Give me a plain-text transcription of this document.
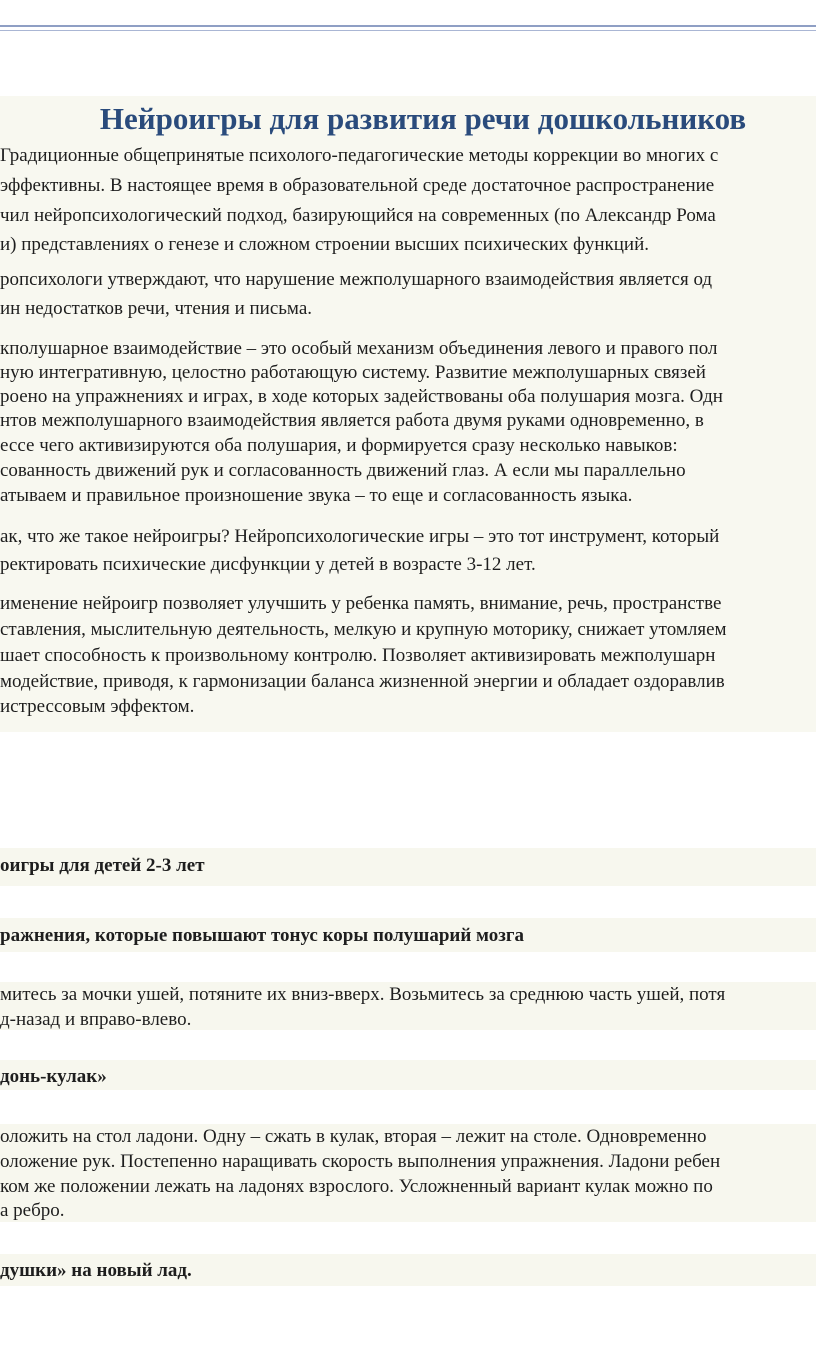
Нейроигры для развития речи дошкольников
Градиционные общепринятые психолого-педагогические методы коррекции во многих с
эффективны. В настоящее время в образовательной среде достаточное распространение
чил нейропсихологический подход, базирующийся на современных (по Александр Рома
и) представлениях о генезе и сложном строении высших психических функций.
ропсихологи утверждают, что нарушение межполушарного взаимодействия является од
ин недостатков речи, чтения и письма.
кполушарное взаимодействие – это особый механизм объединения левого и правого пол
ную интегративную, целостно работающую систему. Развитие межполушарных связей
роено на упражнениях и играх, в ходе которых задействованы оба полушария мозга. Одн
нтов межполушарного взаимодействия является работа двумя руками одновременно, в
ессе чего активизируются оба полушария, и формируется сразу несколько навыков:
сованность движений рук и согласованность движений глаз. А если мы параллельно
атываем и правильное произношение звука – то еще и согласованность языка.
ак, что же такое нейроигры? Нейропсихологические игры – это тот инструмент, который
ректировать психические дисфункции у детей в возрасте 3-12 лет.
именение нейроигр позволяет улучшить у ребенка память, внимание, речь, пространстве
ставления, мыслительную деятельность, мелкую и крупную моторику, снижает утомляем
шает способность к произвольному контролю. Позволяет активизировать межполушарн
модействие, приводя, к гармонизации баланса жизненной энергии и обладает оздоравлив
истрессовым эффектом.
оигры для детей 2-3 лет
ражнения, которые повышают тонус коры полушарий мозга
митесь за мочки ушей, потяните их вниз-вверх. Возьмитесь за среднюю часть ушей, потя
д-назад и вправо-влево.
донь-кулак»
оложить на стол ладони. Одну – сжать в кулак, вторая – лежит на столе. Одновременно
оложение рук. Постепенно наращивать скорость выполнения упражнения. Ладони ребен
ком же положении лежать на ладонях взрослого. Усложненный вариант кулак можно по
а ребро.
душки» на новый лад.
